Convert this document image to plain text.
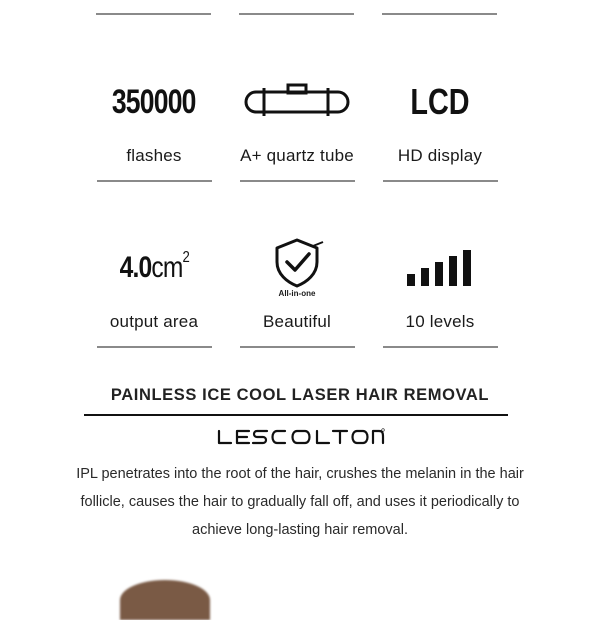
350000
flashes	A+ quartz tube
LCD
HD display
4.0 $cm^2$
output area
All-in-one
Beautiful	10 levels
PAINLESS ICE COOL LASER HAIR REMOVAL
IPL penetrates into the root of the hair, crushes the melanin in the hair follicle, causes the hair to gradually fall off, and uses it periodically to achieve long-lasting hair removal.
